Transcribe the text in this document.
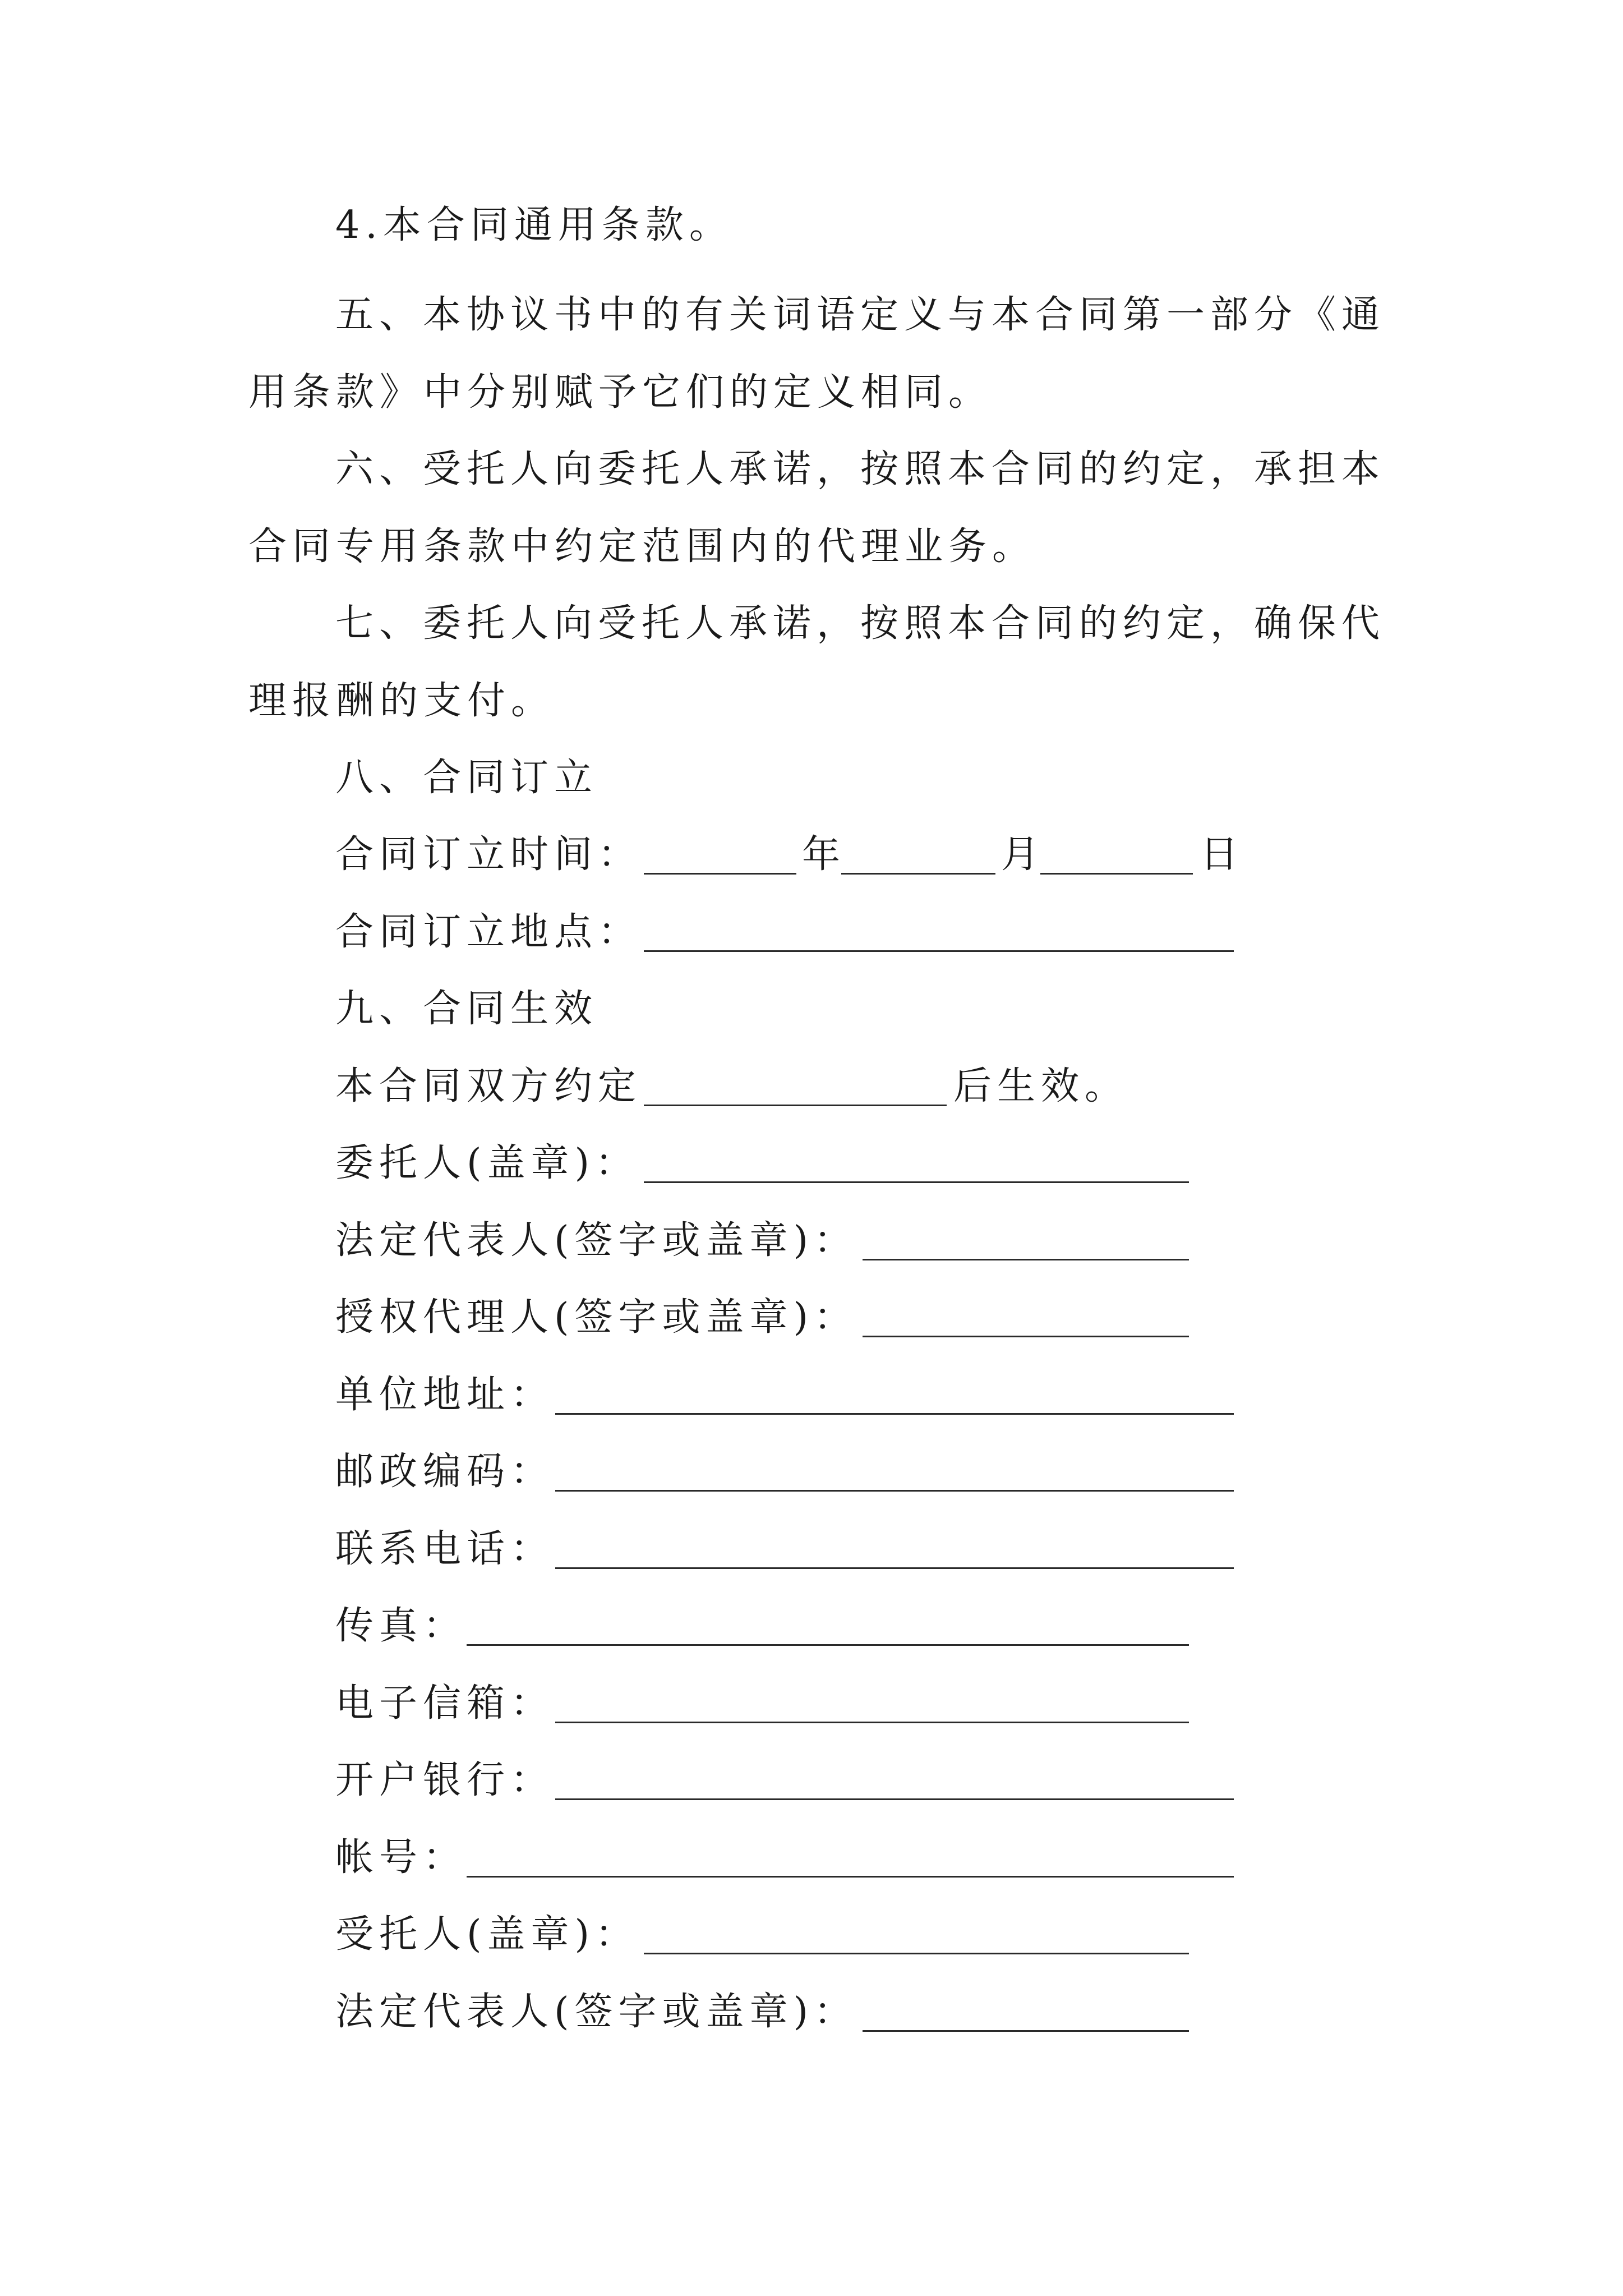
4.本合同通用条款。
五、本协议书中的有关词语定义与本合同第一部分《通
用条款》中分别赋予它们的定义相同。
六、受托人向委托人承诺，按照本合同的约定，承担本
合同专用条款中约定范围内的代理业务。
七、委托人向受托人承诺，按照本合同的约定，确保代
理报酬的支付。
八、合同订立
合同订立时间：	年	月	日
合同订立地点：
九、合同生效
本合同双方约定	后生效。
委托人(盖章)：
法定代表人(签字或盖章)：
授权代理人(签字或盖章)：
单位地址：
邮政编码：
联系电话：
传真：
电子信箱：
开户银行：
帐号：
受托人(盖章)：
法定代表人(签字或盖章)：
